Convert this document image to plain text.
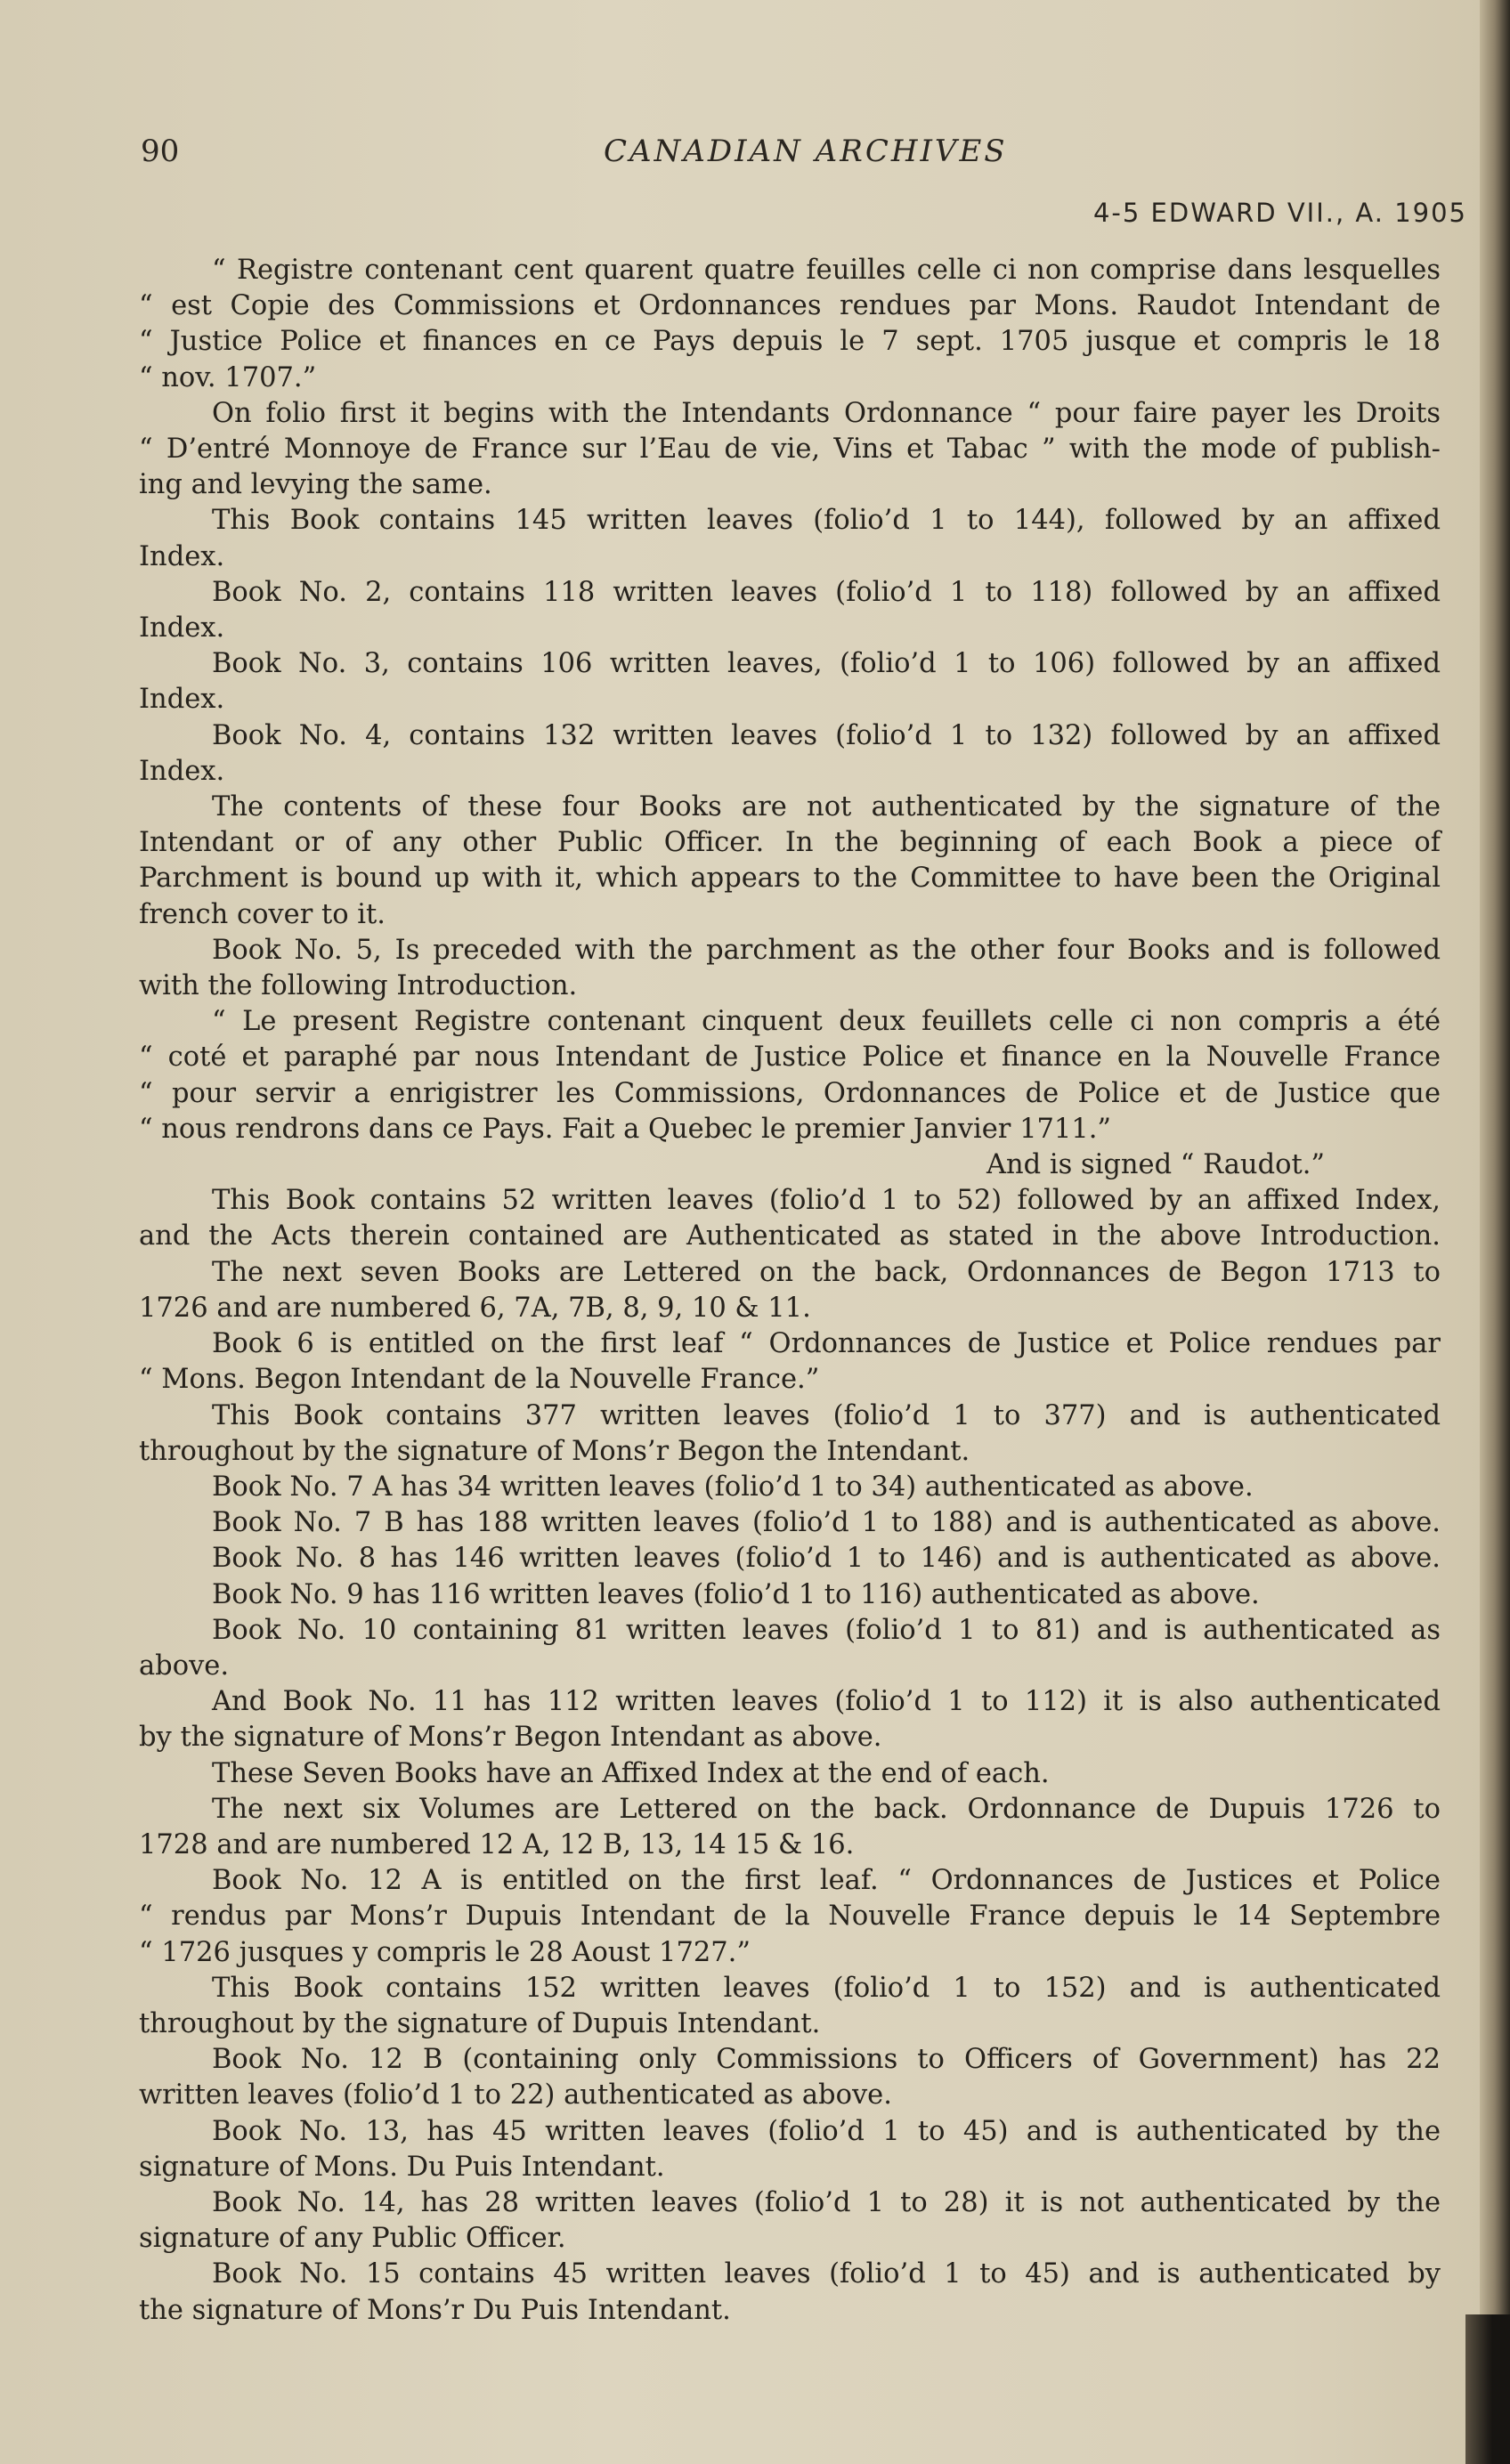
90	CANADIAN ARCHIVES
4-5 EDWARD VII., A. 1905
“ Registre contenant cent quarent quatre feuilles celle ci non comprise dans lesquelles
“ est Copie des Commissions et Ordonnances rendues par Mons. Raudot Intendant de
“ Justice Police et finances en ce Pays depuis le 7 sept. 1705 jusque et compris le 18
“ nov. 1707.”
On folio first it begins with the Intendants Ordonnance “ pour faire payer les Droits
“ D’entré Monnoye de France sur l’Eau de vie, Vins et Tabac ” with the mode of publish-
ing and levying the same.
This Book contains 145 written leaves (folio’d 1 to 144), followed by an affixed
Index.
Book No. 2, contains 118 written leaves (folio’d 1 to 118) followed by an affixed
Index.
Book No. 3, contains 106 written leaves, (folio’d 1 to 106) followed by an affixed
Index.
Book No. 4, contains 132 written leaves (folio’d 1 to 132) followed by an affixed
Index.
The contents of these four Books are not authenticated by the signature of the
Intendant or of any other Public Officer. In the beginning of each Book a piece of
Parchment is bound up with it, which appears to the Committee to have been the Original
french cover to it.
Book No. 5, Is preceded with the parchment as the other four Books and is followed
with the following Introduction.
“ Le present Registre contenant cinquent deux feuillets celle ci non compris a été
“ coté et paraphé par nous Intendant de Justice Police et finance en la Nouvelle France
“ pour servir a enrigistrer les Commissions, Ordonnances de Police et de Justice que
“ nous rendrons dans ce Pays. Fait a Quebec le premier Janvier 1711.”
And is signed “ Raudot.”
This Book contains 52 written leaves (folio’d 1 to 52) followed by an affixed Index,
and the Acts therein contained are Authenticated as stated in the above Introduction.
The next seven Books are Lettered on the back, Ordonnances de Begon 1713 to
1726 and are numbered 6, 7A, 7B, 8, 9, 10 & 11.
Book 6 is entitled on the first leaf “ Ordonnances de Justice et Police rendues par
“ Mons. Begon Intendant de la Nouvelle France.”
This Book contains 377 written leaves (folio’d 1 to 377) and is authenticated
throughout by the signature of Mons’r Begon the Intendant.
Book No. 7 A has 34 written leaves (folio’d 1 to 34) authenticated as above.
Book No. 7 B has 188 written leaves (folio’d 1 to 188) and is authenticated as above.
Book No. 8 has 146 written leaves (folio’d 1 to 146) and is authenticated as above.
Book No. 9 has 116 written leaves (folio’d 1 to 116) authenticated as above.
Book No. 10 containing 81 written leaves (folio’d 1 to 81) and is authenticated as
above.
And Book No. 11 has 112 written leaves (folio’d 1 to 112) it is also authenticated
by the signature of Mons’r Begon Intendant as above.
These Seven Books have an Affixed Index at the end of each.
The next six Volumes are Lettered on the back. Ordonnance de Dupuis 1726 to
1728 and are numbered 12 A, 12 B, 13, 14 15 & 16.
Book No. 12 A is entitled on the first leaf. “ Ordonnances de Justices et Police
“ rendus par Mons’r Dupuis Intendant de la Nouvelle France depuis le 14 Septembre
“ 1726 jusques y compris le 28 Aoust 1727.”
This Book contains 152 written leaves (folio’d 1 to 152) and is authenticated
throughout by the signature of Dupuis Intendant.
Book No. 12 B (containing only Commissions to Officers of Government) has 22
written leaves (folio’d 1 to 22) authenticated as above.
Book No. 13, has 45 written leaves (folio’d 1 to 45) and is authenticated by the
signature of Mons. Du Puis Intendant.
Book No. 14, has 28 written leaves (folio’d 1 to 28) it is not authenticated by the
signature of any Public Officer.
Book No. 15 contains 45 written leaves (folio’d 1 to 45) and is authenticated by
the signature of Mons’r Du Puis Intendant.
